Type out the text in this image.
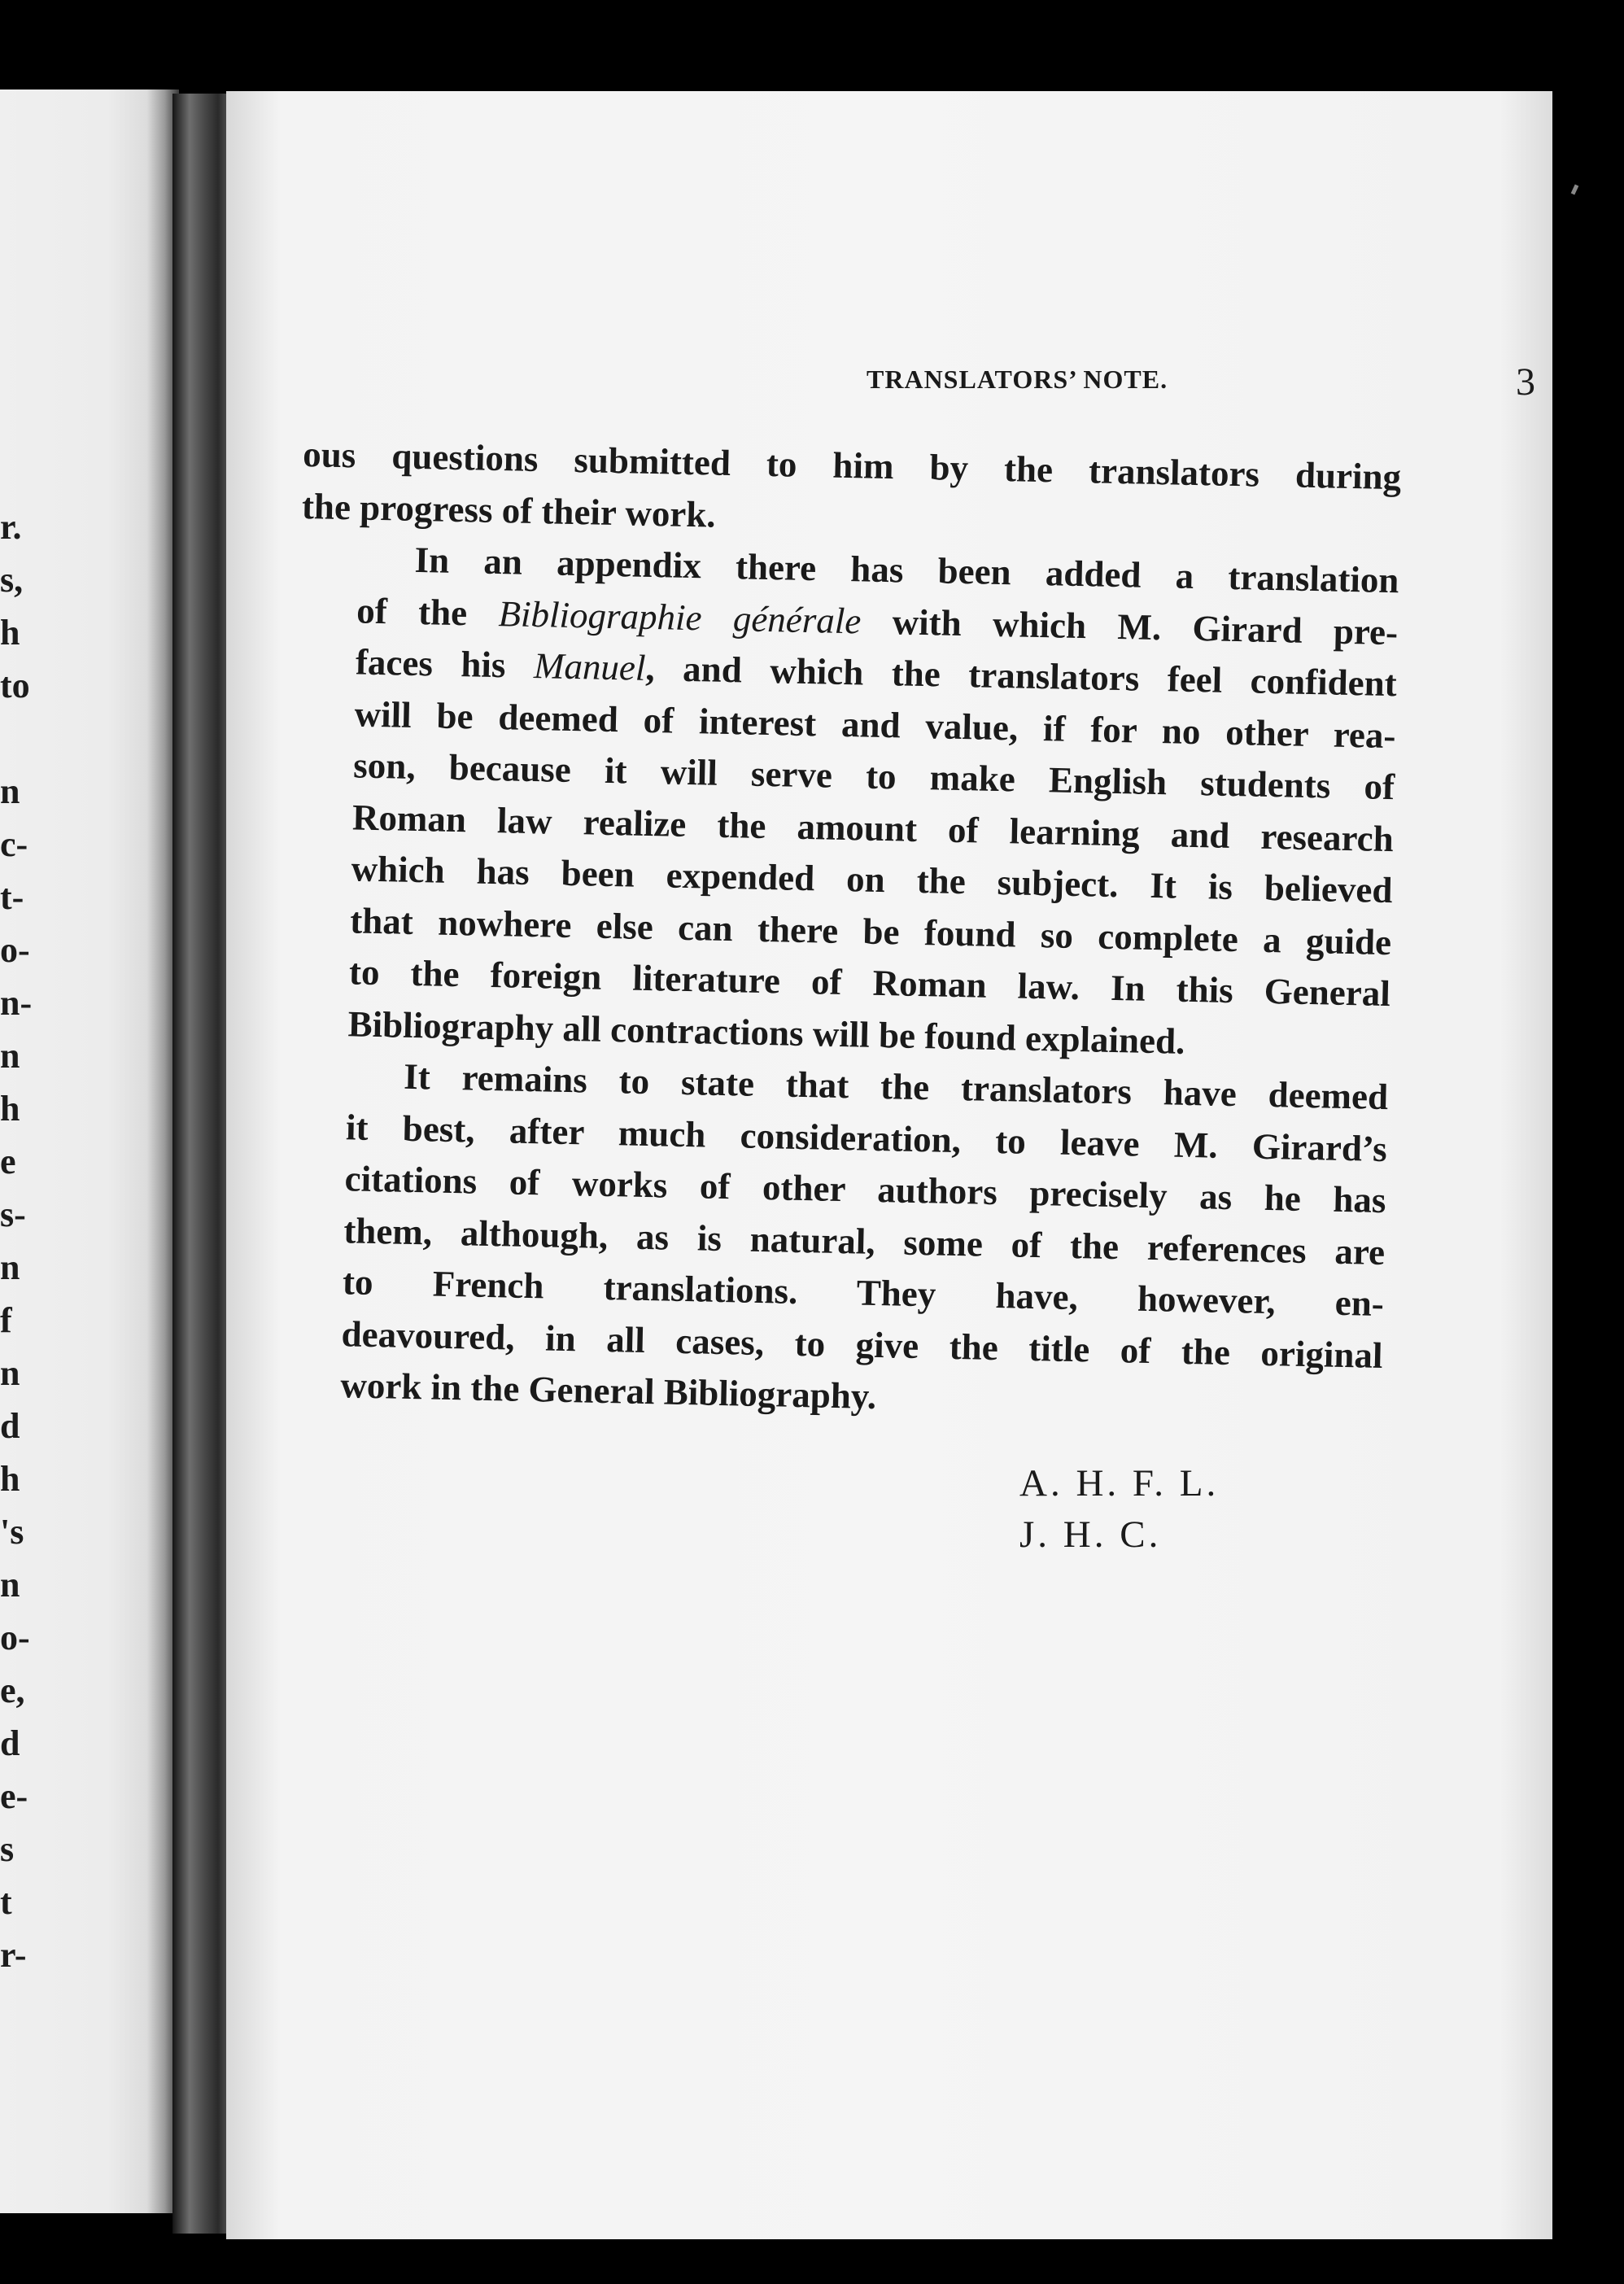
r.
s,
h
to
n
c-
t-
o-
n-
n
h
e
s-
n
f
n
d
h
's
n
o-
e,
d
e-
s
t
r-
TRANSLATORS’ NOTE.	3

ous questions submitted to him by the translators during
the progress of their work.

In an appendix there has been added a translation
of the Bibliographie générale with which M. Girard pre-
faces his Manuel, and which the translators feel confident
will be deemed of interest and value, if for no other rea-
son, because it will serve to make English students of
Roman law realize the amount of learning and research
which has been expended on the subject. It is believed
that nowhere else can there be found so complete a guide
to the foreign literature of Roman law. In this General
Bibliography all contractions will be found explained.

It remains to state that the translators have deemed
it best, after much consideration, to leave M. Girard’s
citations of works of other authors precisely as he has
them, although, as is natural, some of the references are
to French translations. They have, however, en-
deavoured, in all cases, to give the title of the original
work in the General Bibliography.

A. H. F. L.
J. H. C.
